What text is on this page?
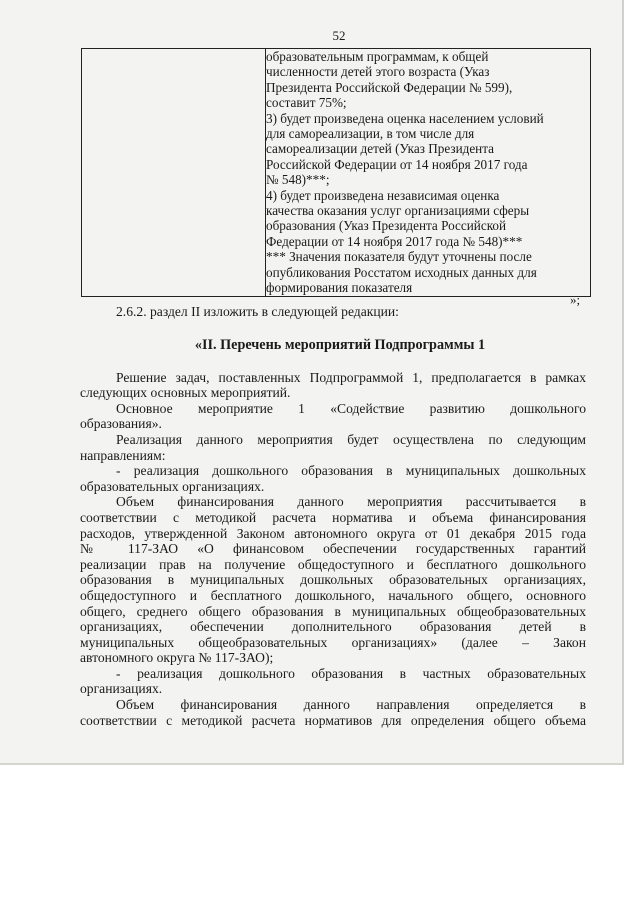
52

образовательным программам, к общей
численности детей этого возраста (Указ
Президента Российской Федерации № 599),
составит 75%;
3) будет произведена оценка населением условий
для самореализации, в том числе для
самореализации детей (Указ Президента
Российской Федерации от 14 ноября 2017 года
№ 548)***;
4) будет произведена независимая оценка
качества оказания услуг организациями сферы
образования (Указ Президента Российской
Федерации от 14 ноября 2017 года № 548)***
*** Значения показателя будут уточнены после
опубликования Росстатом исходных данных для
формирования показателя
»;
2.6.2. раздел II изложить в следующей редакции:
«II. Перечень мероприятий Подпрограммы 1
Решение задач, поставленных Подпрограммой 1, предполагается в рамках
следующих основных мероприятий.
Основное мероприятие 1 «Содействие развитию дошкольного
образования».
Реализация данного мероприятия будет осуществлена по следующим
направлениям:
- реализация дошкольного образования в муниципальных дошкольных
образовательных организациях.
Объем финансирования данного мероприятия рассчитывается в
соответствии с методикой расчета норматива и объема финансирования
расходов, утвержденной Законом автономного округа от 01 декабря 2015 года
№ 117-ЗАО «О финансовом обеспечении государственных гарантий
реализации прав на получение общедоступного и бесплатного дошкольного
образования в муниципальных дошкольных образовательных организациях,
общедоступного и бесплатного дошкольного, начального общего, основного
общего, среднего общего образования в муниципальных общеобразовательных
организациях, обеспечении дополнительного образования детей в
муниципальных общеобразовательных организациях» (далее – Закон
автономного округа № 117-ЗАО);
- реализация дошкольного образования в частных образовательных
организациях.
Объем финансирования данного направления определяется в
соответствии с методикой расчета нормативов для определения общего объема
